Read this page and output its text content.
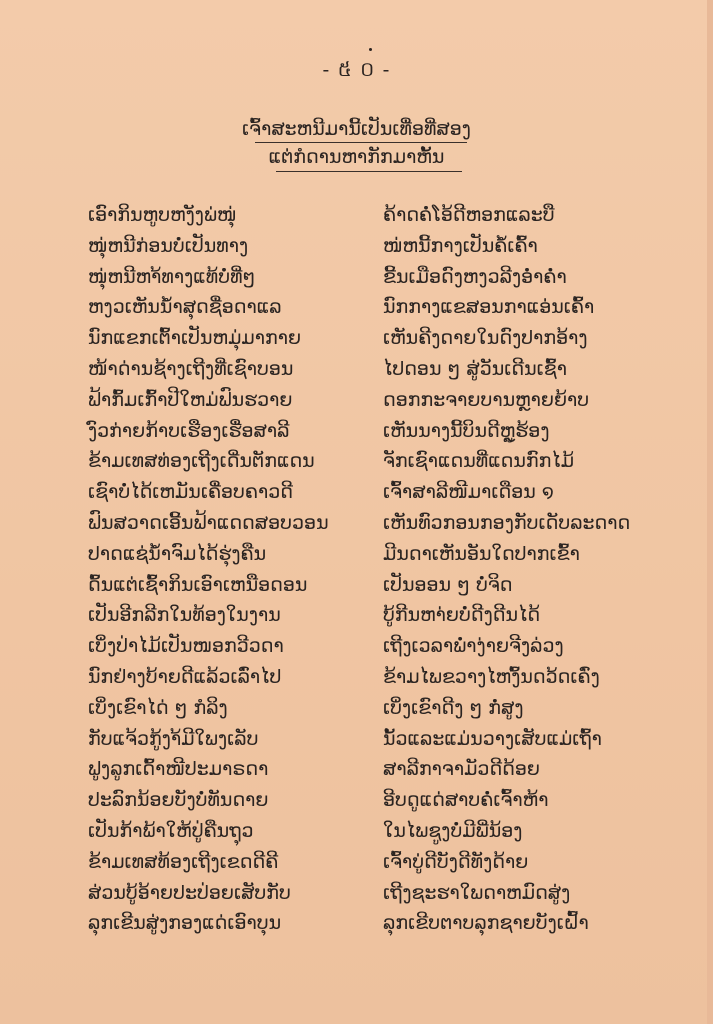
- ៥ ០ -
ເຈົ້າສະຫນີມານີ້ເປັນເທື່ອທີ່ສອງ
ແຕ່ກໍດານຫາກັກມາຫັ້ນ
ເອົາກິນຫູບຫງັງພ່ໜຸ່
ໜຸ່ຫນີກ່ອນບໍ່ເປັນທາງ
ໜຸ່ຫນີຫາ້ທາງແທ້ບໍ່ທີ່ໆ
ຫງວເຫັນນ້ຳສຸດຊື່ອດາແລ
ນົກແຂກເຕົ້າເປັນຫມຸ່ມາກາຍ
ໜ້າດ່ານຊ້າງເຖີງທີ່ເຊົາບອນ
ຟ້າກົ້ມເກົ້າປີໃຫມ່ຟົນຮວາຍ
ງົວກ່າຍກ້າບເຮືອງເຮື່ອສາລີ
ຂ້າມເທສທ່ອງເຖີງເດີ່ນຕັກແດນ
ເຊົາບໍ່ໄດ້ເຫມັນເຄື່ອບຄາວດີ
ຟົນສວາດເອີ້ນຟ້າແດດສອບວອນ
ປາດແຊ່ນ້ຳຈົມໄດ້ຮຸ່ງຄືນ
ດົ້ນແຕ່ເຊົ້າກິນເອົາເຫນືອດອນ
ເປັນອີກລີກໃນທ້ອງໃນງານ
ເບິ່ງປ່າໄມ້ເປັນໜອກວີວດາ
ນົກຢ່າງບ້າຍດີແລ້ວເລົ່າໄປ
ເບິ່ງເຂົາໄດ່ ໆ ກໍລິງ
ກັບແຈ້ວກູ້ງາ້ມີໃພງເລັບ
ຟູງລູກເດົ້າໜີປະມາຣດາ
ປະລົກນ້ອຍບັງບໍ່ທັນດາຍ
ເປັນກ້າພ້າໃຫ້ປູ່ຄືນຖຸວ
ຂ້າມເທສທ້ອງເຖີງເຂດດີຄີ
ສ່ວນບູ້ອ້າຍປະປ່ອຍເສັບກັບ
ລຸກເຂີນສູ່ງກອງແດ່ເອົາບຸນ
ຄ້າດຄໍ່ໂອ້ດີຫອກແລະບື
ໜ່ຫນີ້ກາງເປັນຄໍ້ເຄົ້າ
ຂີ້ນເມືອດົງຫງວລີງອ່ຳຄ່ຳ
ນົກກາງແຂສອນກາແອ່ນເຄົ້າ
ເຫັນຄີງດາຍໃນດົງປາກອ້າງ
ໄປດອນ ໆ ສູ່ວັນເດີນເຊົ້າ
ດອກກະຈາຍບານຫຼາຍຍ້າບ
ເຫັນນາງນີ້ບິນດີຫຼູຮ້ອງ
ຈັກເຊົາແດນທີ່ແດນກົກໄມ້
ເຈົ້າສາລີໜີມາເດືອນ ໑
ເຫັນທົວກອນກອງກັບເດັບລະດາດ
ມີນດາເຫັນອັນໃດປາກເຂົ້າ
ເປັນອອນ ໆ ບໍ່ຈິດ
ບູ້ກີນຫາ່ຍບໍ່ດີງດີນໄດ້
ເຖີງເວລາພ່ຳງ່າຍຈີງລ່ວງ
ຂ້າມໄພຂວາງໄຫງ້ົນດວ້ດເຄົ່ງ
ເບິ່ງເຂົາດີງ ໆ ກໍ່ສູງ
ນັ້ວແລະແມ່ນວາງເສັບແມ່ເຖົ້າ
ສາລີກາຈາມັວດີດ້ອຍ
ອີບດູແດ່ສາບຄໍ່ເຈົ້າຫ້າ
ໃນໄພຊູງບໍ່ມີພີ່ນ້ອງ
ເຈົ້າບູ່ດີບັງດີທັງດ້າຍ
ເຖີງຊະຮາໃພດາຫມົດສູ່ງ
ລຸກເຂີບຕາບລຸກຊາຍບັງເຝົ້າ
